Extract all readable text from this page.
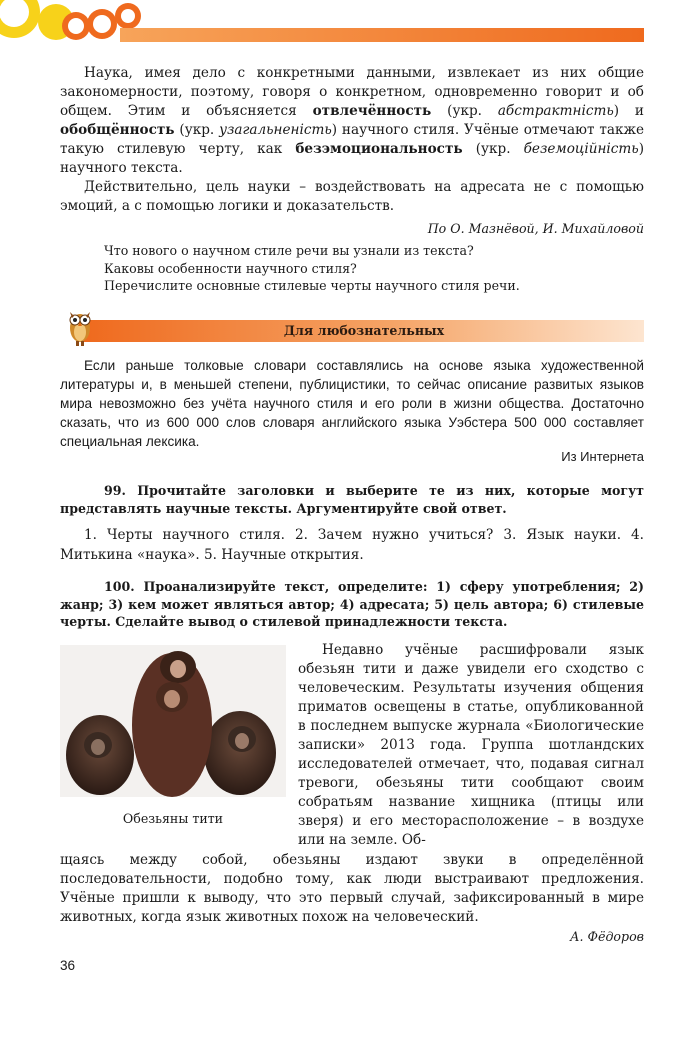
Наука, имея дело с конкретными данными, извлекает из них общие закономерности, поэтому, говоря о конкретном, одновременно говорит и об общем. Этим и объясняется отвлечённость (укр. абстрактність) и обобщённость (укр. узагальненість) научного стиля. Учёные отмечают также такую стилевую черту, как безэмоциональность (укр. беземоційність) научного текста.

Действительно, цель науки – воздействовать на адресата не с помощью эмоций, а с помощью логики и доказательств.

По О. Мазнёвой, И. Михайловой
Что нового о научном стиле речи вы узнали из текста?
Каковы особенности научного стиля?
Перечислите основные стилевые черты научного стиля речи.
Для любознательных

Если раньше толковые словари составлялись на основе языка художественной литературы и, в меньшей степени, публицистики, то сейчас описание развитых языков мира невозможно без учёта научного стиля и его роли в жизни общества. Достаточно сказать, что из 600 000 слов словаря английского языка Уэбстера 500 000 составляет специальная лексика.

Из Интернета

99. Прочитайте заголовки и выберите те из них, которые могут предстaвлять научные тексты. Аргументируйте свой ответ.

1. Черты научного стиля. 2. Зачем нужно учиться? 3. Язык науки. 4. Митькина «наука». 5. Научные открытия.

100. Проанализируйте текст, определите: 1) сферу употребления; 2) жанр; 3) кем может являться автор; 4) адресата; 5) цель автора; 6) стилевые черты. Сделайте вывод о стилевой принадлежности текста.

Обезьяны тити

Недавно учёные расшифровали язык обезьян тити и даже увидели его сходство с человеческим. Результаты изучения общения приматов освещены в статье, опубликованной в последнем выпуске журнала «Биологические записки» 2013 года. Группа шотландских исследователей отмечает, что, подавая сигнал тревоги, обезьяны тити сообщают своим собратьям название хищника (птицы или зверя) и его местоpacположение – в воздухе или на земле. Об-

щаясь между собой, обезьяны издают звуки в определённой последовательности, подобно тому, как люди выстраивают предложения. Учёные пришли к выводу, что это первый случай, зафиксированный в мире животных, когда язык животных похож на человеческий.

А. Фёдоров
36
